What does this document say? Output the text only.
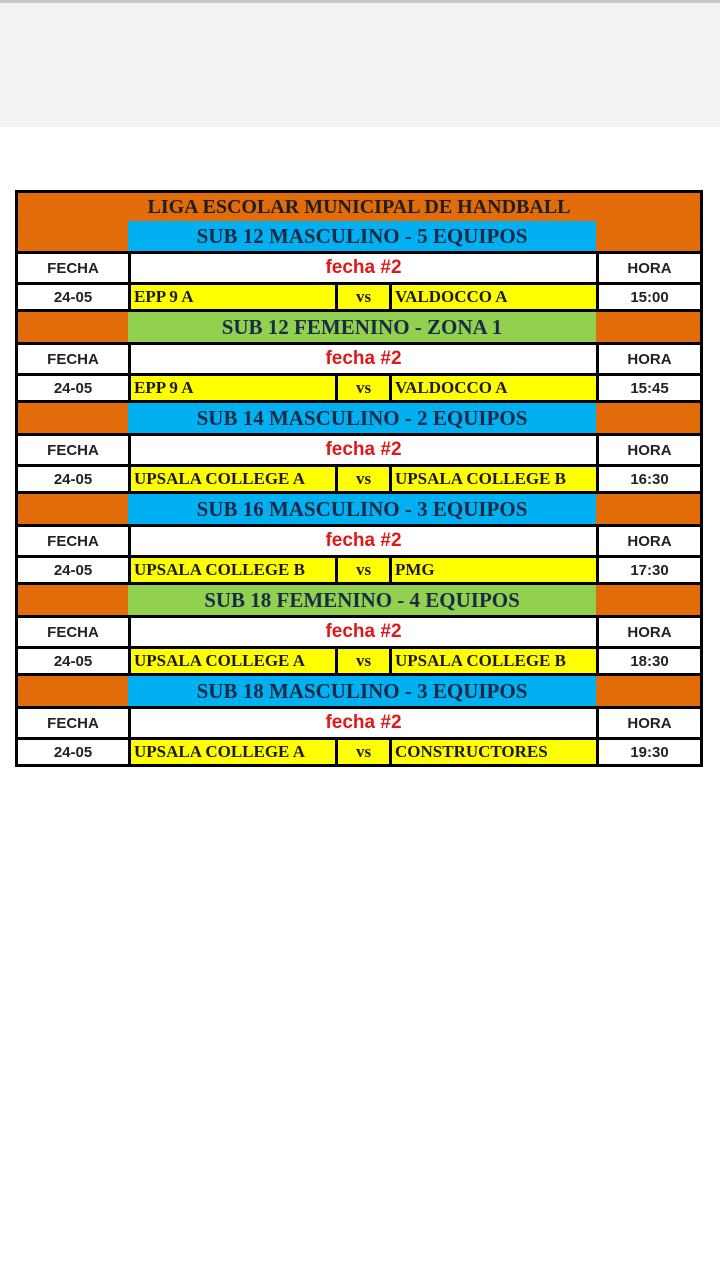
LIGA ESCOLAR MUNICIPAL DE HANDBALL
SUB 12 MASCULINO - 5 EQUIPOS
FECHA	fecha #2	HORA
24-05	EPP 9 A	vs	VALDOCCO A	15:00
SUB 12 FEMENINO - ZONA 1
FECHA	fecha #2	HORA
24-05	EPP 9 A	vs	VALDOCCO A	15:45
SUB 14 MASCULINO - 2 EQUIPOS
FECHA	fecha #2	HORA
24-05	UPSALA COLLEGE A	vs	UPSALA COLLEGE B	16:30
SUB 16 MASCULINO - 3 EQUIPOS
FECHA	fecha #2	HORA
24-05	UPSALA COLLEGE B	vs	PMG	17:30
SUB 18 FEMENINO - 4 EQUIPOS
FECHA	fecha #2	HORA
24-05	UPSALA COLLEGE A	vs	UPSALA COLLEGE B	18:30
SUB 18 MASCULINO - 3 EQUIPOS
FECHA	fecha #2	HORA
24-05	UPSALA COLLEGE A	vs	CONSTRUCTORES	19:30
